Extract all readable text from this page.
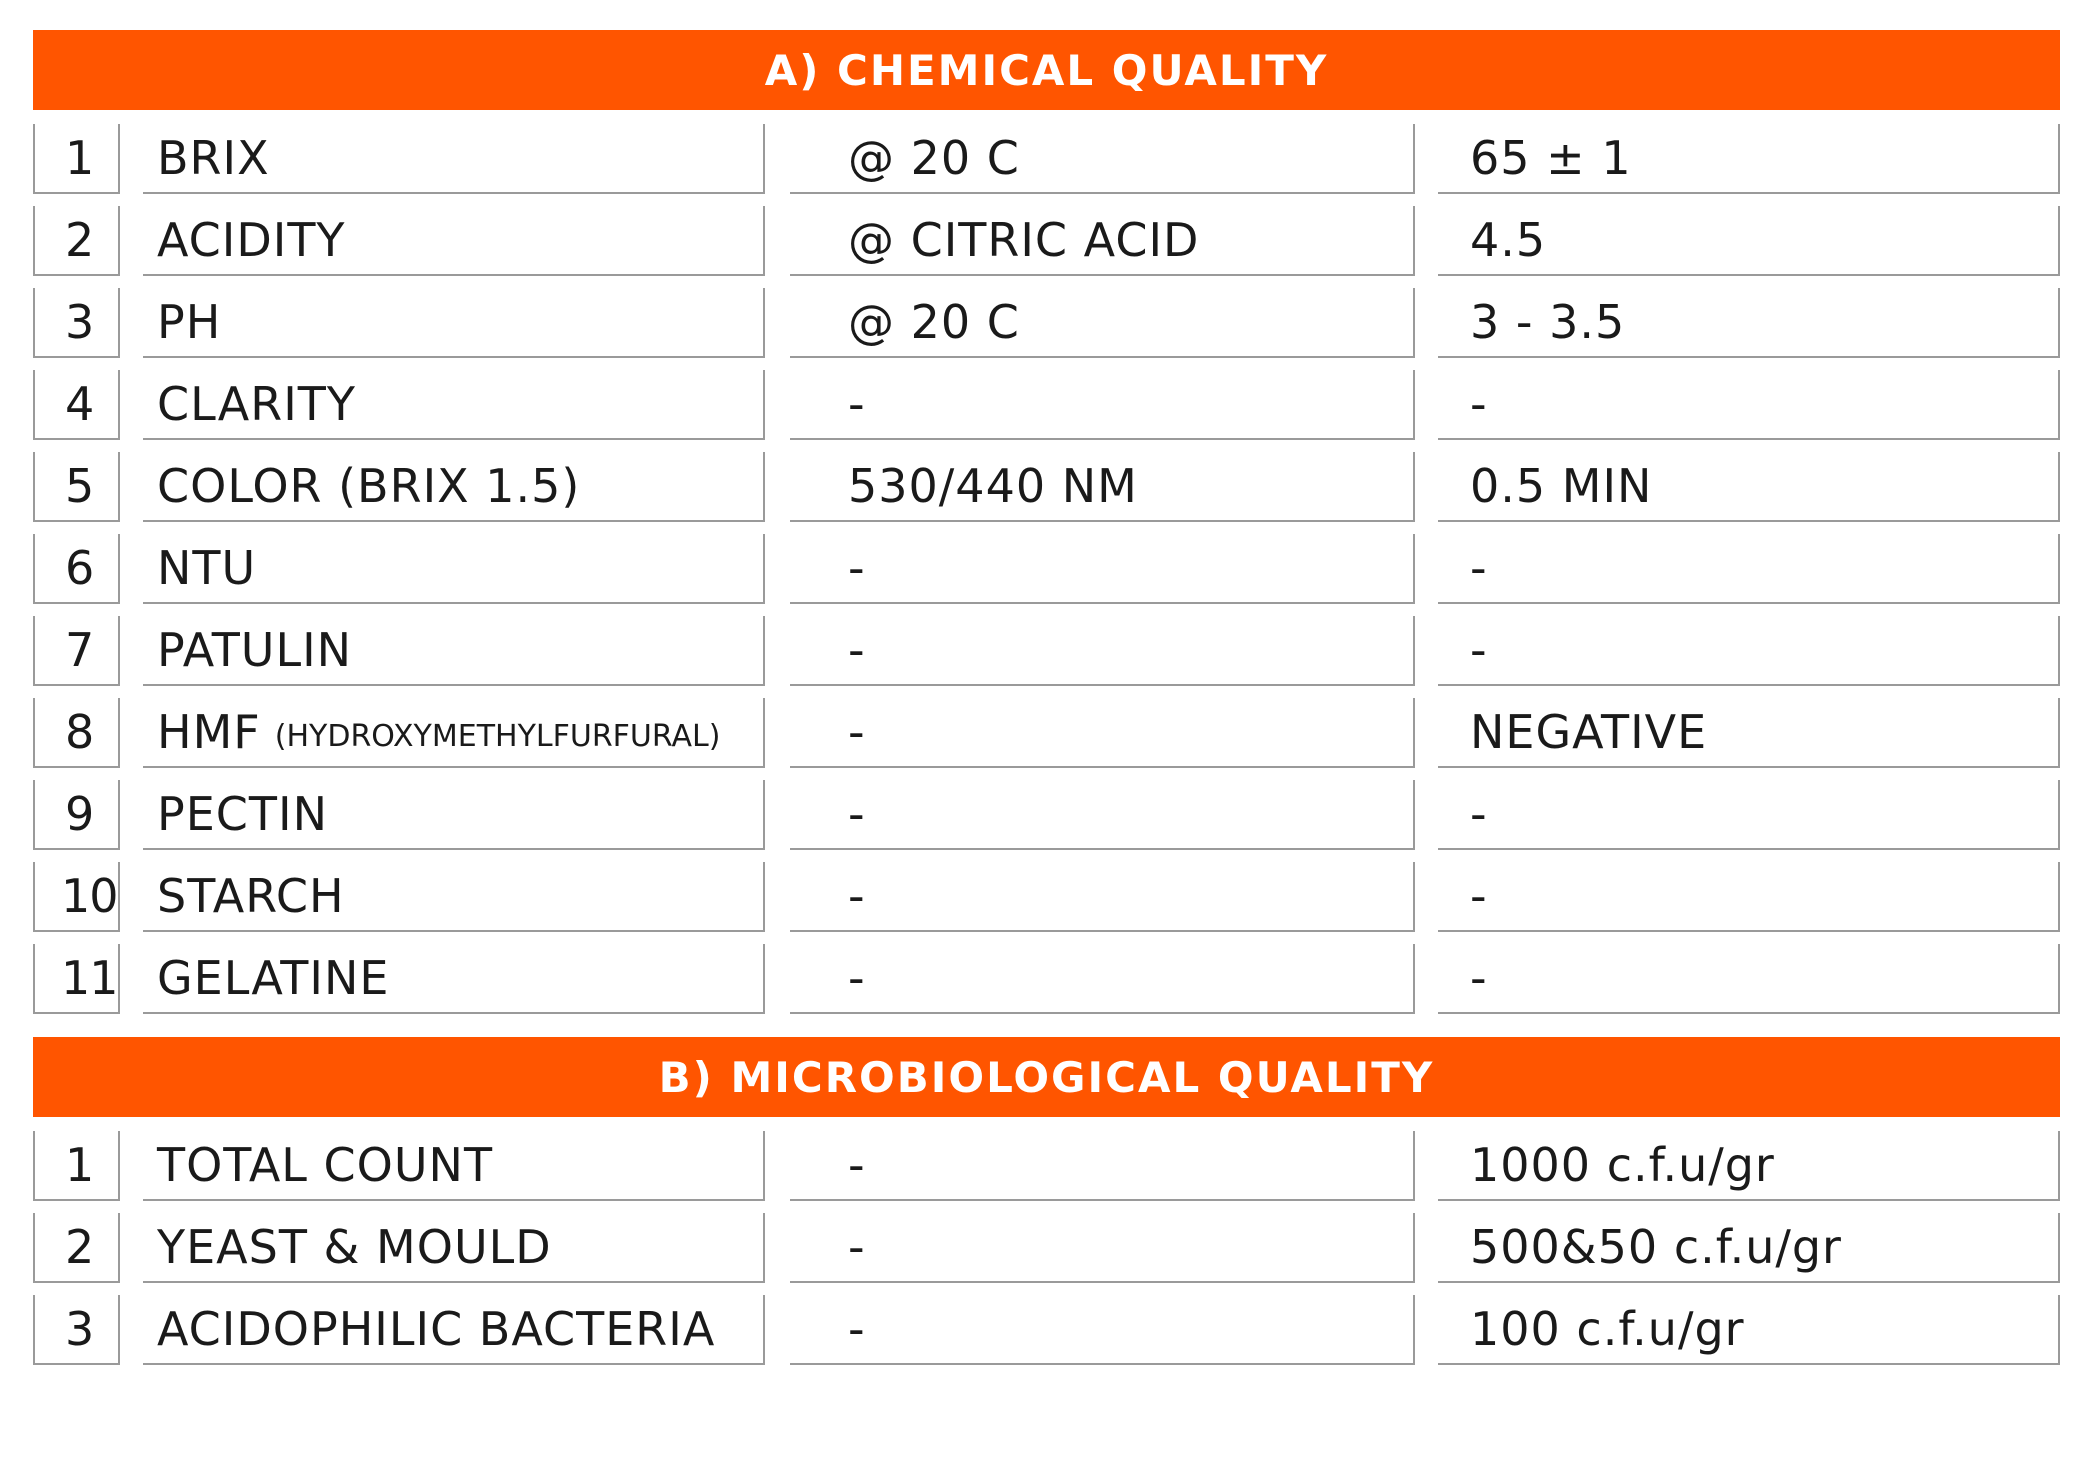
A) CHEMICAL QUALITY
1	BRIX	@ 20 C	65 ± 1
2	ACIDITY	@ CITRIC ACID	4.5
3	PH	@ 20 C	3 - 3.5
4	CLARITY	-	-
5	COLOR (BRIX 1.5)	530/440 NM	0.5 MIN
6	NTU	-	-
7	PATULIN	-	-
8	HMF (HYDROXYMETHYLFURFURAL)	-	NEGATIVE
9	PECTIN	-	-
10 STARCH	-	-
11 GELATINE	-	-
B) MICROBIOLOGICAL QUALITY
1	TOTAL COUNT	-	1000 c.f.u/gr
2	YEAST & MOULD	-	500&50 c.f.u/gr
3	ACIDOPHILIC BACTERIA	-	100 c.f.u/gr
